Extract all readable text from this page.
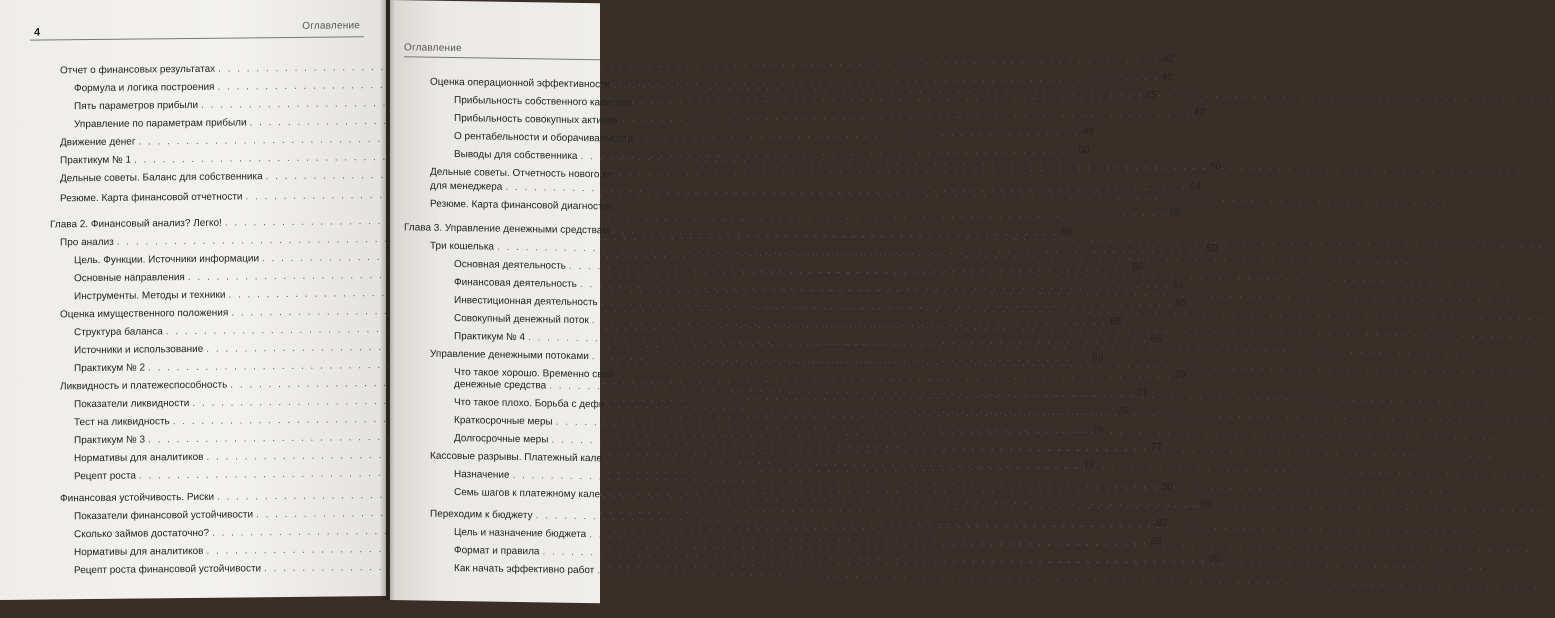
4
Оглавление
Отчет о финансовых результатах
. . .
42
Формула и логика построения
. . .
42
Пять параметров прибыли
. . .
45
Управление по параметрам прибыли
. . .
47
Движение денег
. . .
49
Практикум № 1
. . .
50
Дельные советы. Баланс для собственника
. . .
50
Резюме. Карта финансовой отчетности
. . .
54
Глава 2. Финансовый анализ? Легко!
. . .
55
Про анализ
. . .
59
Цель. Функции. Источники информации
. . .
59
Основные направления
. . .
60
Инструменты. Методы и техники
. . .
61
Оценка имущественного положения
. . .
65
Структура баланса
. . .
65
Источники и использование
. . .
66
Практикум № 2
. . .
68
Ликвидность и платежеспособность
. . .
70
Показатели ликвидности
. . .
71
Тест на ликвидность
. . .
75
Практикум № 3
. . .
76
Нормативы для аналитиков
. . .
77
Рецепт роста
. . .
78
Финансовая устойчивость. Риски
. . .
80
Показатели финансовой устойчивости
. . .
80
Сколько займов достаточно?
. . .
82
Нормативы для аналитиков
. . .
86
Рецепт роста финансовой устойчивости
. . .
86
Оглавление
Оценка операционной эффективности
. . .
Прибыльность собственного капитала
Прибыльность совокупных активов
О рентабельности и оборачиваемости
Выводы для собственника
. . .
Дельные советы. Отчетность нового кл
. . .
для менеджера
. . .
Резюме. Карта финансовой диагностик
. . .
Глава 3. Управление денежными средствам
. . .
Три кошелька
. . .
Основная деятельность
. . .
Финансовая деятельность
. . .
Инвестиционная деятельность
. . .
Совокупный денежный поток
. . .
Практикум № 4
. . .
Управление денежными потоками
. . .
Что такое хорошо. Временно своб
. . .
денежные средства
. . .
Что такое плохо. Борьба с дефи
. . .
Краткосрочные меры
. . .
Долгосрочные меры
. . .
Кассовые разрывы. Платежный кале
. . .
Назначение
. . .
Семь шагов к платежному кале
. . .
Переходим к бюджету
. . .
Цель и назначение бюджета
. . .
Формат и правила
. . .
Как начать эффективно работ
. . .
